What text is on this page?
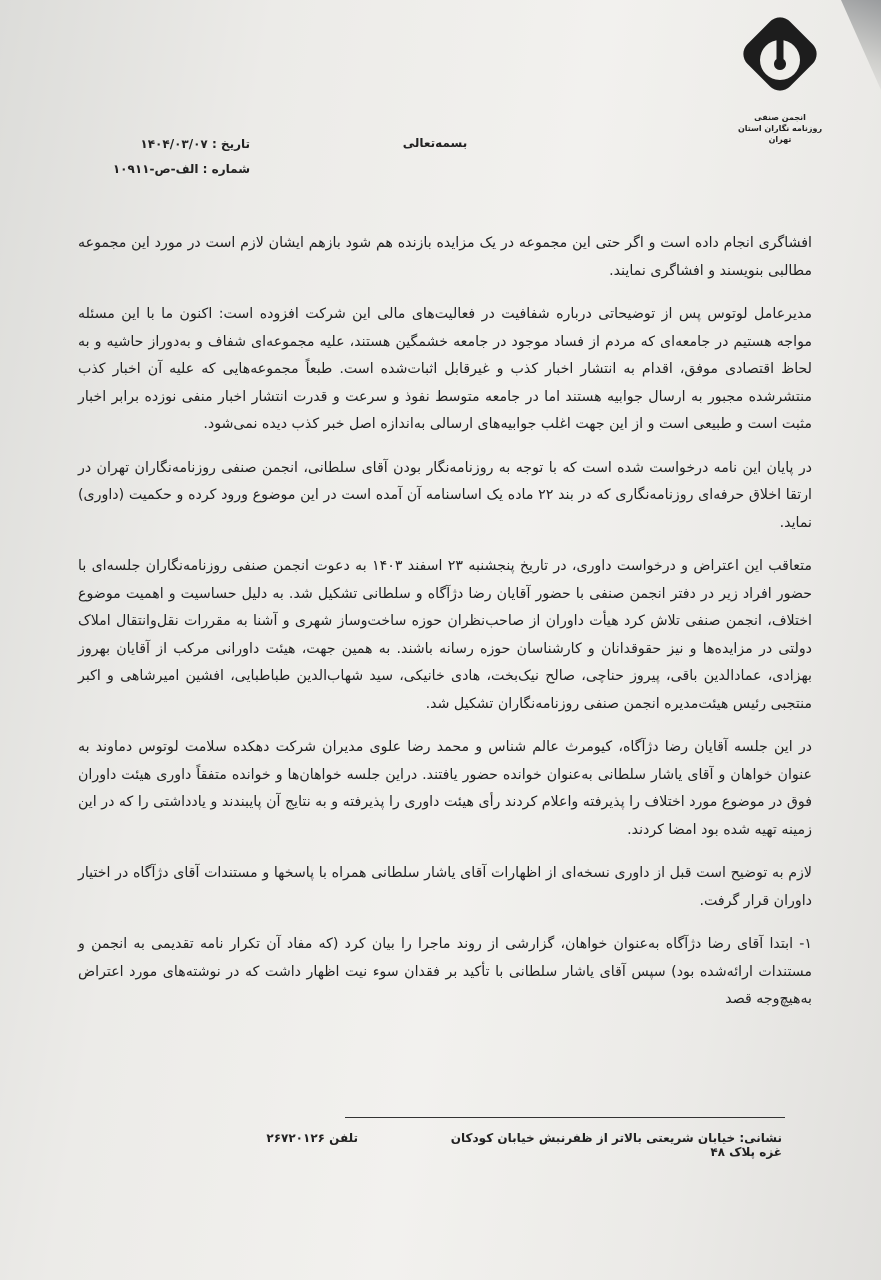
انجمن صنفی
روزنامه نگاران استان تهران
بسمه‌تعالی
تاریخ : ۱۴۰۴/۰۳/۰۷
شماره : الف-ص-۱۰۹۱۱

افشاگری انجام داده است و اگر حتی این مجموعه در یک مزایده بازنده هم شود بازهم ایشان لازم است در مورد این مجموعه مطالبی بنویسند و افشاگری نمایند.

مدیرعامل لوتوس پس از توضیحاتی درباره شفافیت در فعالیت‌های مالی این شرکت افزوده است: اکنون ما با این مسئله مواجه هستیم در جامعه‌ای که مردم از فساد موجود در جامعه خشمگین هستند، علیه مجموعه‌ای شفاف و به‌دوراز حاشیه و به لحاظ اقتصادی موفق، اقدام به انتشار اخبار کذب و غیرقابل اثبات‌شده است. طبعاً مجموعه‌هایی که علیه آن اخبار کذب منتشرشده مجبور به ارسال جوابیه هستند اما در جامعه متوسط نفوذ و سرعت و قدرت انتشار اخبار منفی نوزده برابر اخبار مثبت است و طبیعی است و از این جهت اغلب جوابیه‌های ارسالی به‌اندازه اصل خبر کذب دیده نمی‌شود.

در پایان این نامه درخواست شده است که با توجه به روزنامه‌نگار بودن آقای سلطانی، انجمن صنفی روزنامه‌نگاران تهران در ارتقا اخلاق حرفه‌ای روزنامه‌نگاری که در بند ۲۲ ماده یک اساسنامه آن آمده است در این موضوع ورود کرده و حکمیت (داوری) نماید.

متعاقب این اعتراض و درخواست داوری، در تاریخ پنجشنبه ۲۳ اسفند ۱۴۰۳ به دعوت انجمن صنفی روزنامه‌نگاران جلسه‌ای با حضور افراد زیر در دفتر انجمن صنفی با حضور آقایان رضا دژآگاه و سلطانی تشکیل شد. به دلیل حساسیت و اهمیت موضوع اختلاف، انجمن صنفی تلاش کرد هیأت داوران از صاحب‌نظران حوزه ساخت‌وساز شهری و آشنا به مقررات نقل‌وانتقال املاک دولتی در مزایده‌ها و نیز حقوقدانان و کارشناسان حوزه رسانه باشند. به همین جهت، هیئت داورانی مرکب از آقایان بهروز بهزادی، عمادالدین باقی، پیروز حناچی، صالح نیک‌بخت، هادی خانیکی، سید شهاب‌الدین طباطبایی، افشین امیرشاهی و اکبر منتجبی رئیس هیئت‌مدیره انجمن صنفی روزنامه‌نگاران تشکیل شد.

در این جلسه آقایان رضا دژآگاه، کیومرث عالم شناس و محمد رضا علوی مدیران شرکت دهکده سلامت لوتوس دماوند به عنوان خواهان و آقای یاشار سلطانی به‌عنوان خوانده حضور یافتند. دراین جلسه خواهان‌ها و خوانده متفقاً داوری هیئت داوران فوق در موضوع مورد اختلاف را پذیرفته واعلام کردند رأی هیئت داوری را پذیرفته و به نتایج آن پایبندند و یادداشتی را که در این زمینه تهیه شده بود امضا کردند.

لازم به توضیح است قبل از داوری نسخه‌ای از اظهارات آقای یاشار سلطانی همراه با پاسخها و مستندات آقای دژآگاه در اختیار داوران قرار گرفت.

۱- ابتدا آقای رضا دژآگاه به‌عنوان خواهان، گزارشی از روند ماجرا را بیان کرد (که مفاد آن تکرار نامه تقدیمی به انجمن و مستندات ارائه‌شده بود) سپس آقای یاشار سلطانی با تأکید بر فقدان سوء نیت اظهار داشت که در نوشته‌های مورد اعتراض به‌هیچ‌وجه قصد

نشانی: خیابان شریعتی بالاتر از ظفرنبش خیابان کودکان غزه پلاک ۴۸
تلفن ۲۶۷۲۰۱۲۶
